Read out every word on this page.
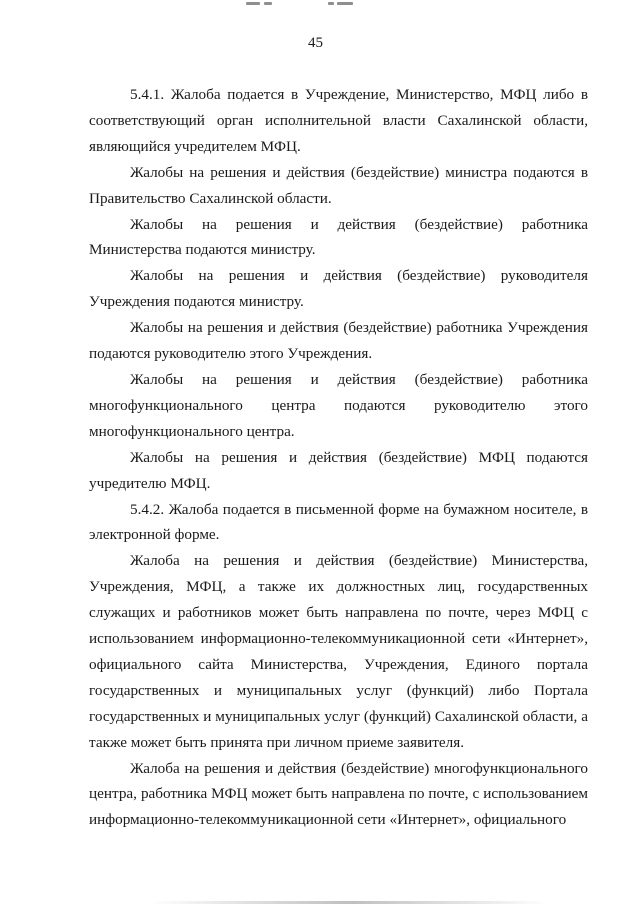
45

5.4.1. Жалоба подается в Учреждение, Министерство, МФЦ либо в соответствующий орган исполнительной власти Сахалинской области, являющийся учредителем МФЦ.

Жалобы на решения и действия (бездействие) министра подаются в Правительство Сахалинской области.

Жалобы на решения и действия (бездействие) работника Министерства подаются министру.

Жалобы на решения и действия (бездействие) руководителя Учреждения подаются министру.

Жалобы на решения и действия (бездействие) работника Учреждения подаются руководителю этого Учреждения.

Жалобы на решения и действия (бездействие) работника многофункционального центра подаются руководителю этого многофункционального центра.

Жалобы на решения и действия (бездействие) МФЦ подаются учредителю МФЦ.

5.4.2. Жалоба подается в письменной форме на бумажном носителе, в электронной форме.

Жалоба на решения и действия (бездействие) Министерства, Учреждения, МФЦ, а также их должностных лиц, государственных служащих и работников может быть направлена по почте, через МФЦ с использованием информационно-телекоммуникационной сети «Интернет», официального сайта Министерства, Учреждения, Единого портала государственных и муниципальных услуг (функций) либо Портала государственных и муниципальных услуг (функций) Сахалинской области, а также может быть принята при личном приеме заявителя.

Жалоба на решения и действия (бездействие) многофункционального центра, работника МФЦ может быть направлена по почте, с использованием информационно-телекоммуникационной сети «Интернет», официального
